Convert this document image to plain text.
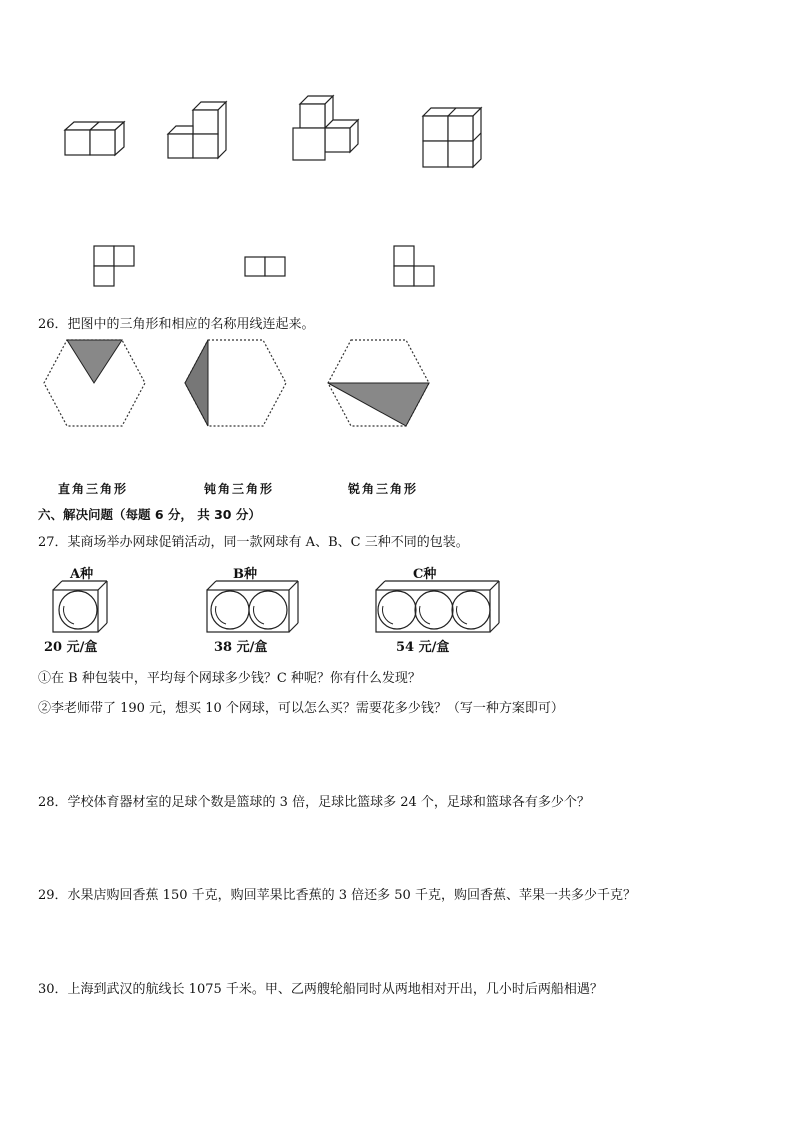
26．把图中的三角形和相应的名称用线连起来。
直角三角形	钝角三角形	锐角三角形
六、解决问题（每题 6 分， 共 30 分）
27．某商场举办网球促销活动，同一款网球有 A、B、C 三种不同的包装。
A种
20 元/盒
B种
38 元/盒
C种
54 元/盒
①在 B 种包装中，平均每个网球多少钱？C 种呢？你有什么发现？
②李老师带了 190 元，想买 10 个网球，可以怎么买？需要花多少钱？（写一种方案即可）
28．学校体育器材室的足球个数是篮球的 3 倍，足球比篮球多 24 个，足球和篮球各有多少个？
29．水果店购回香蕉 150 千克，购回苹果比香蕉的 3 倍还多 50 千克，购回香蕉、苹果一共多少千克？
30．上海到武汉的航线长 1075 千米。甲、乙两艘轮船同时从两地相对开出，几小时后两船相遇？
